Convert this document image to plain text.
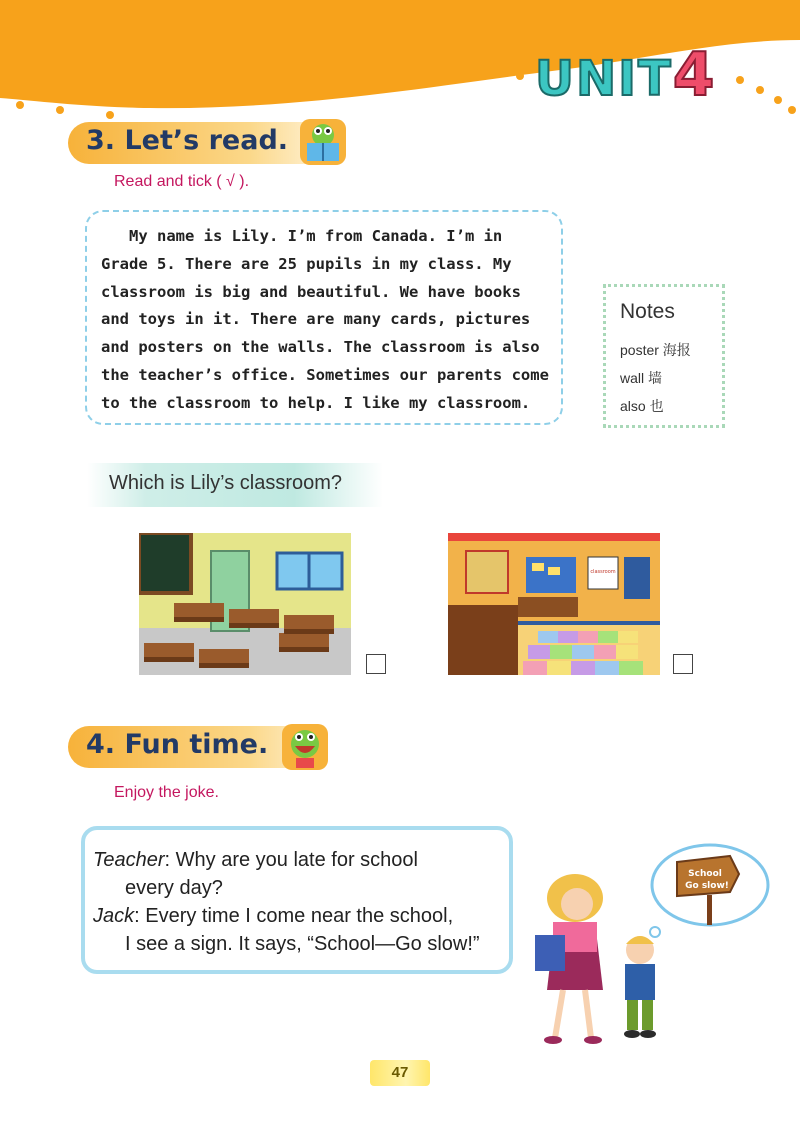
UNIT4
3. Let’s read.
Read and tick ( √ ).
My name is Lily. I’m from Canada. I’m in
Grade 5. There are 25 pupils in my class. My
classroom is big and beautiful. We have books
and toys in it. There are many cards, pictures
and posters on the walls. The classroom is also
the teacher’s office. Sometimes our parents come
to the classroom to help. I like my classroom.
Notes
poster 海报
wall 墙
also 也
Which is Lily’s classroom?
classroom
4. Fun time.
Enjoy the joke.
Teacher: Why are you late for school
every day?
Jack: Every time I come near the school,
I see a sign. It says, “School—Go slow!”
School
Go slow!
47
